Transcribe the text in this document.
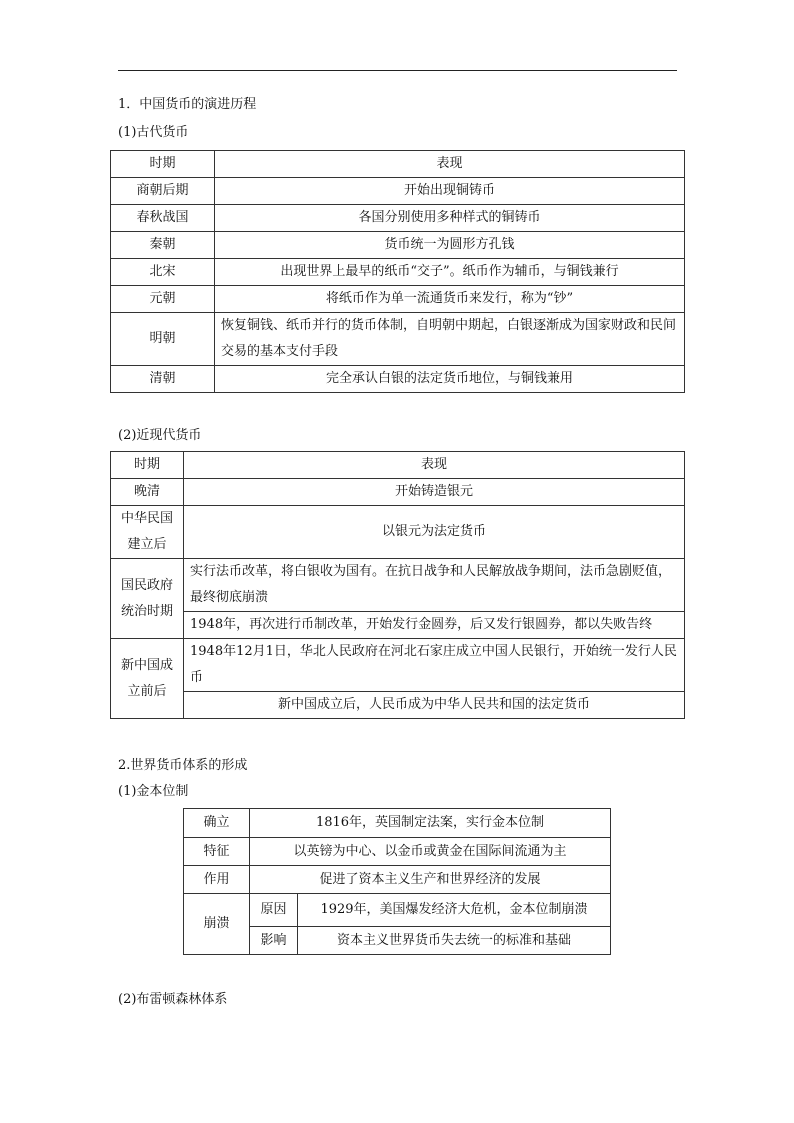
1．中国货币的演进历程
(1)古代货币
时期	表现
商朝后期	开始出现铜铸币
春秋战国	各国分别使用多种样式的铜铸币
秦朝	货币统一为圆形方孔钱
北宋	出现世界上最早的纸币“交子”。纸币作为辅币，与铜钱兼行
元朝	将纸币作为单一流通货币来发行，称为“钞”
明朝	恢复铜钱、纸币并行的货币体制，自明朝中期起，白银逐渐成为国家财政和民间交易的基本支付手段
清朝	完全承认白银的法定货币地位，与铜钱兼用
(2)近现代货币
时期	表现
晚清	开始铸造银元
中华民国建立后	以银元为法定货币
国民政府统治时期	实行法币改革，将白银收为国有。在抗日战争和人民解放战争期间，法币急剧贬值，最终彻底崩溃
	1948年，再次进行币制改革，开始发行金圆券，后又发行银圆券，都以失败告终
新中国成立前后	1948年12月1日，华北人民政府在河北石家庄成立中国人民银行，开始统一发行人民币
	新中国成立后，人民币成为中华人民共和国的法定货币
2.世界货币体系的形成
(1)金本位制
确立	1816年，英国制定法案，实行金本位制	
特征	以英镑为中心、以金币或黄金在国际间流通为主	
作用	促进了资本主义生产和世界经济的发展	
崩溃	原因	1929年，美国爆发经济大危机，金本位制崩溃
	影响	资本主义世界货币失去统一的标准和基础
(2)布雷顿森林体系
